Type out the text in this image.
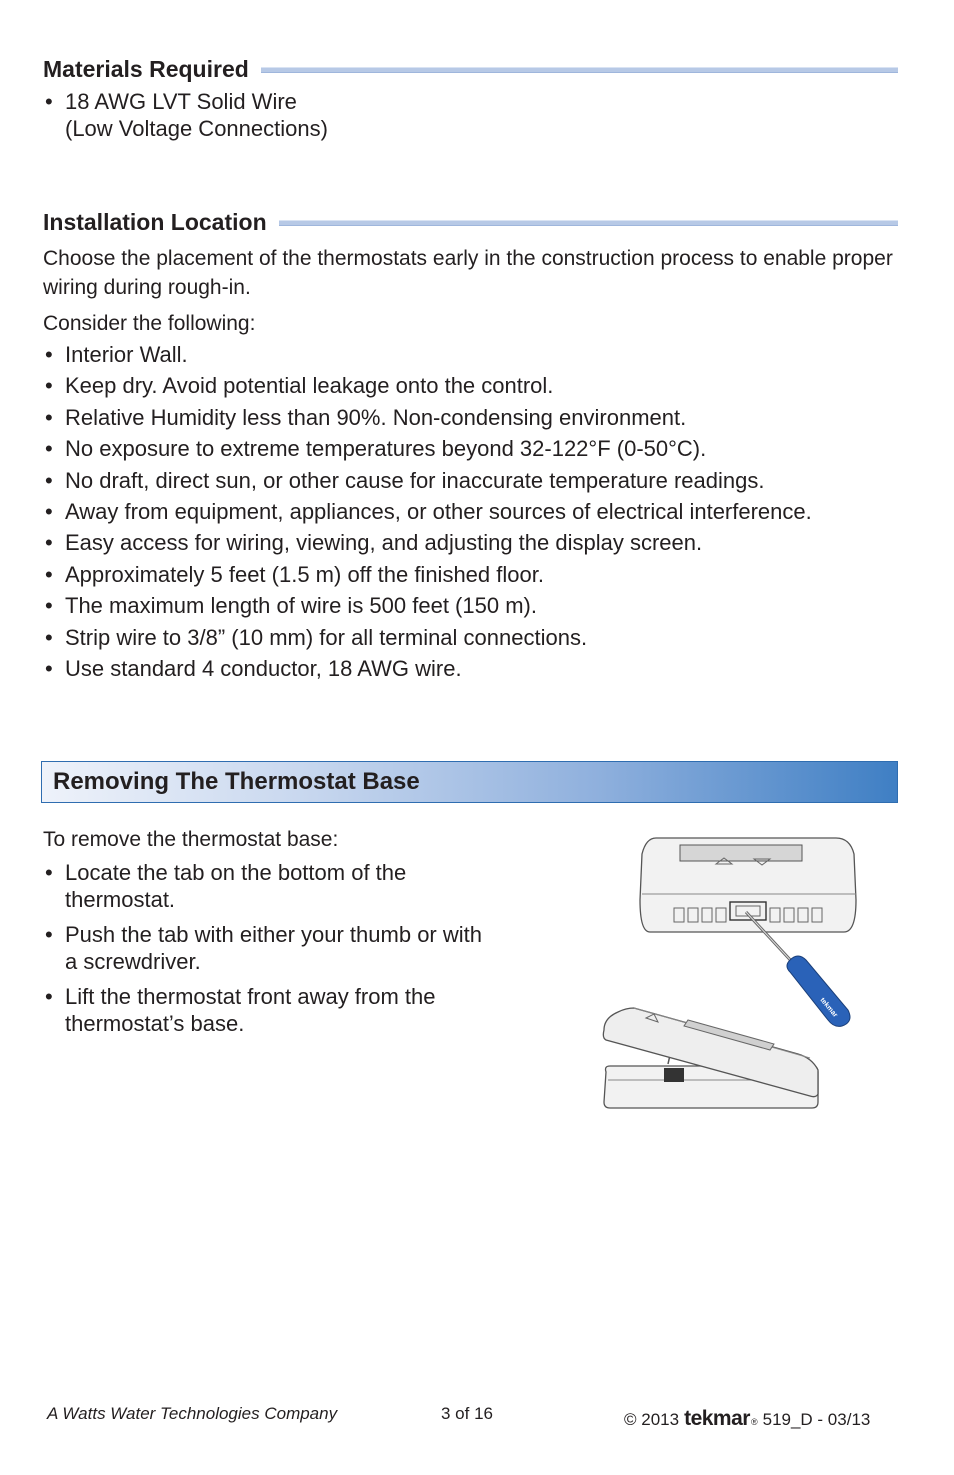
Materials Required
• 18 AWG LVT Solid Wire
(Low Voltage Connections)
Installation Location

Choose the placement of the thermostats early in the construction process to enable proper wiring during rough-in.

Consider the following:

• Interior Wall.
• Keep dry. Avoid potential leakage onto the control.
• Relative Humidity less than 90%. Non-condensing environment.
• No exposure to extreme temperatures beyond 32-122°F (0-50°C).
• No draft, direct sun, or other cause for inaccurate temperature readings.
• Away from equipment, appliances, or other sources of electrical interference.
• Easy access for wiring, viewing, and adjusting the display screen.
• Approximately 5 feet (1.5 m) off the finished floor.
• The maximum length of wire is 500 feet (150 m).
• Strip wire to 3/8” (10 mm) for all terminal connections.
• Use standard 4 conductor, 18 AWG wire.
Removing The Thermostat Base

To remove the thermostat base:

• Locate the tab on the bottom of the
thermostat.
• Push the tab with either your thumb or with
a screwdriver.
• Lift the thermostat front away from the
thermostat’s base.
tekmar
A Watts Water Technologies Company	3 of 16	© 2013 tekmar ® 519_D - 03/13
